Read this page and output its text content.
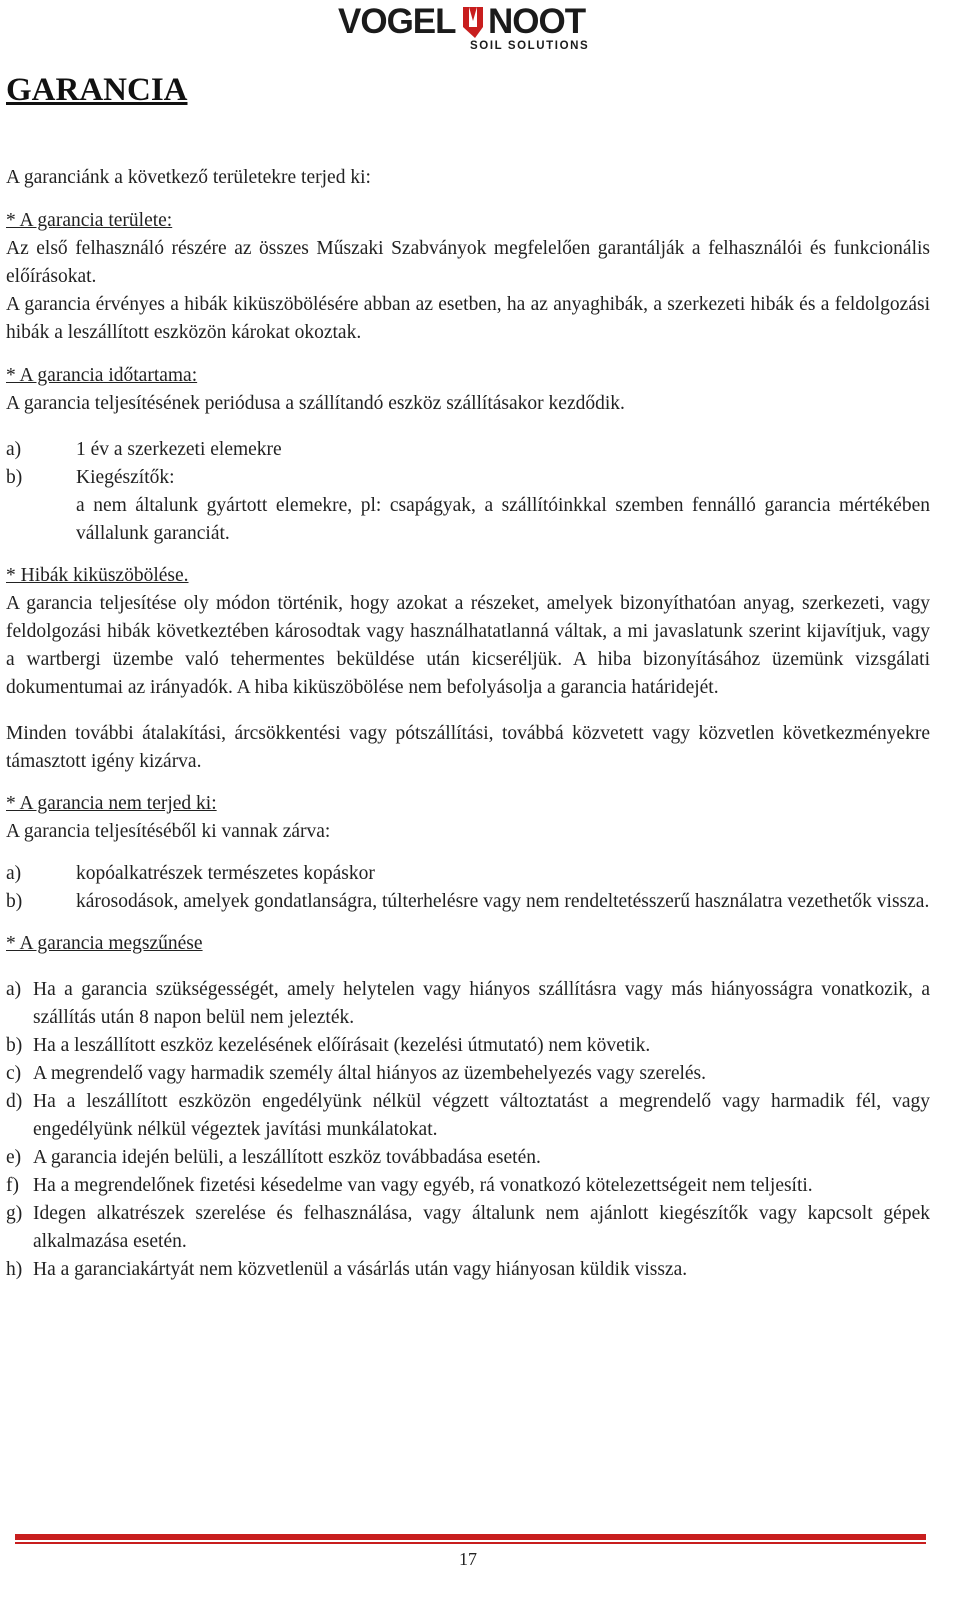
VOGEL NOOT
SOIL SOLUTIONS
GARANCIA

A garanciánk a következő területekre terjed ki:

* A garancia területe:

Az első felhasználó részére az összes Műszaki Szabványok megfelelően garantálják a felhasználói és funkcionális előírásokat.

A garancia érvényes a hibák kiküszöbölésére abban az esetben, ha az anyaghibák, a szerkezeti hibák és a feldolgozási hibák a leszállított eszközön károkat okoztak.

* A garancia időtartama:

A garancia teljesítésének periódusa a szállítandó eszköz szállításakor kezdődik.

a)	1 év a szerkezeti elemekre
b)	Kiegészítők:
a nem általunk gyártott elemekre, pl: csapágyak, a szállítóinkkal szemben fennálló garancia mértékében vállalunk garanciát.

* Hibák kiküszöbölése.

A garancia teljesítése oly módon történik, hogy azokat a részeket, amelyek bizonyíthatóan anyag, szerkezeti, vagy feldolgozási hibák következtében károsodtak vagy használhatatlanná váltak, a mi javaslatunk szerint kijavítjuk, vagy a wartbergi üzembe való tehermentes beküldése után kicseréljük. A hiba bizonyításához üzemünk vizsgálati dokumentumai az irányadók. A hiba kiküszöbölése nem befolyásolja a garancia határidejét.

Minden további átalakítási, árcsökkentési vagy pótszállítási, továbbá közvetett vagy közvetlen következményekre támasztott igény kizárva.

* A garancia nem terjed ki:

A garancia teljesítéséből ki vannak zárva:

a)	kopóalkatrészek természetes kopáskor
b)	károsodások, amelyek gondatlanságra, túlterhelésre vagy nem rendeltetésszerű használatra vezethetők vissza.

* A garancia megszűnése

a) Ha a garancia szükségességét, amely helytelen vagy hiányos szállításra vagy más hiányosságra vonatkozik, a szállítás után 8 napon belül nem jelezték.
b) Ha a leszállított eszköz kezelésének előírásait (kezelési útmutató) nem követik.
c) A megrendelő vagy harmadik személy által hiányos az üzembehelyezés vagy szerelés.
d) Ha a leszállított eszközön engedélyünk nélkül végzett változtatást a megrendelő vagy harmadik fél, vagy engedélyünk nélkül végeztek javítási munkálatokat.
e) A garancia idején belüli, a leszállított eszköz továbbadása esetén.
f) Ha a megrendelőnek fizetési késedelme van vagy egyéb, rá vonatkozó kötelezettségeit nem teljesíti.
g) Idegen alkatrészek szerelése és felhasználása, vagy általunk nem ajánlott kiegészítők vagy kapcsolt gépek alkalmazása esetén.
h) Ha a garanciakártyát nem közvetlenül a vásárlás után vagy hiányosan küldik vissza.
17
